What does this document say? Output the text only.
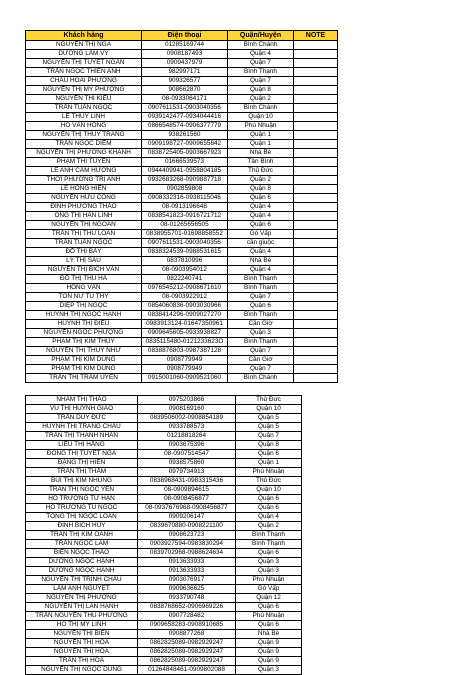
Khách hàng	Điện thoại	Quận/Huyện	NOTE
NGUYỄN THỊ NGA	01285169744	Bình Chánh	
DƯƠNG LÂM VỸ	0908187493	Quận 4	
NGUYỄN THỊ TUYẾT NGÂN	0909437979	Quận 7	
TRẦN NGỌC THIÊN ANH	982997171	Bình Thạnh	
CHÂU HOÀI PHƯƠNG	909326577	Quận 7	
NGUYỄN THỊ MỸ PHƯỢNG	908662870	Quận 8	
NGUYỄN THỊ KIỀU	08-0933064171	Quận 2	
TRẦN TUẤN NGỌC	0907611531-0903040356	Bình Chánh	
LÊ THÙY LINH	0939142477-0934044416	Quận 10	
HỒ VÂN HỒNG	0866548574-0906377779	Phú Nhuận	
NGUYỄN THỊ THÙY TRANG	938261560	Quận 1	
TRẦN NGỌC DIỄM	0909198727-0909655842	Quận 1	
NGUYỄN THỊ PHƯƠNG KHANH	0838725405-0903667923	Nhà Bè	
PHẠM THỊ TUYỀN	01666539573	Tân Bình	
LÊ ANH CẨM HƯỜNG	0944409941-0958804185	Thủ Đức	
THỚI PHƯƠNG TRỊ ANH	0932683268-0909887718	Quận 2	
LÊ HỒNG HIỀN	0902859808	Quận 8	
NGUYỄN HỮU CÔNG	0908332316-0938115046	Quận 6	
ĐINH PHƯƠNG THẢO	08-0913196648	Quận 4	
ÔNG THỊ HÂN LINH	0838541823-0916721712	Quận 4	
NGUYỄN THỊ NGOAN	08-01265656505	Quận 6	
TRẦN THỊ THU LOAN	0838955701-01698858552	Gò Vấp	
TRẦN TUẤN NGỌC	0907611531-0903040356	cần giuộc	
ĐỖ THỊ BẢY	0838324539-0988531615	Quận 4	
LÝ THỊ SÁU	0837810996	Nhà Bè	
NGUYỄN THỊ BÍCH VÂN	08-0903954012	Quận 4	
ĐỖ THỊ THU HÀ	0822240741	Bình Thạnh	
HỒNG VÂN	0976545212-0908671610	Bình Thạnh	
TÔN NỮ TÚ THY	08-0903922912	Quận 7	
DIỆP THỊ NGỌC	0854060836-0903030966	Quận 6	
HUỲNH THỊ NGỌC HẠNH	0838414296-0909027270	Bình Thạnh	
HUỲNH THỊ ĐIỀU	0983913124-01647350961	Cần Giờ	
NGUYỄN NGỌC PHƯỢNG	0909645605-0933938827	Quận 3	
PHẠM THỊ KIM THỦY	0835115480-0121233623O	Bình Thạnh	
NGUYỄN THỊ THÙY NHƯ	0838876803-0987387128	Quận 7	
PHẠM THỊ KIM DUNG	0908779949	Cần Giờ	
PHẠM THỊ KIM DUNG	0908779949	Quận 7	
TRẦN THỊ TRÂM UYÊN	0915001060-0909521060	Bình Chánh	
NHÂM THỊ THẢO	0975203866	Thủ Đức
VŨ THỊ HUỲNH GIAO	0908169160	Quận 10
TRẦN DUY ĐỨC	0839506002-0908854189	Quận 5
HUỲNH THỊ TRANG CHÂU	0933788573	Quận 5
TRẦN THỊ THANH NHÀN	01218818264	Quận 7
LIỄU THỊ HẰNG	0903675396	Quận 8
ĐỒNG THỊ TUYẾT NGA	08-0907514547	Quận 6
ĐẶNG THỊ HIỀN	0938575860	Quận 1
TRẦN THỊ THẮM	0979734913	Phú Nhuận
BÙI THỊ KIM NHUNG	0838968431-0983315436	Thủ Đức
TRẦN THỊ NGỌC YẾN	08-0909894615	Quận 10
HỒ TRƯỜNG TỪ HẠN	08-0908456877	Quận 6
HỒ TRƯƠNG TÚ NGỌC	08-0937676968-0908456877	Quận 6
TỐNG THỊ NGỌC LOAN	0909206147	Quận 4
ĐINH BÍCH HUY	0839670880-0908221100	Quận 2
TRẦN THỊ KIM OANH	0908623723	Bình Thạnh
TRẦN NGỌC LAM	0903927594-0983830294	Bình Thạnh
BIỆN NGỌC THẢO	0839702968-0988624634	Quận 6
DƯƠNG NGỌC HẠNH	0913633933	Quận 3
DƯƠNG NGỌC HẠNH	0913633933	Quận 3
NGUYỄN THỊ TRINH CHÂU	0903076917	Phú Nhuận
LÂM ANH NGUYỆT	0909636625	Gò Vấp
NGUYỄN THỊ PHƯỢNG	0933790748	Quận 12
NGUYỄN THỊ LAN HẠNH	0838768652-0906969226	Quận 6
TRẦN NGUYỄN THÙ PHƯƠNG	0907728482	Phú Nhuận
HỒ THỊ MỸ LINH	0909658283-0908910685	Quận 6
NGUYỄN THỊ BIÊN	0908877268	Nhà Bè
NGUYỄN THỊ HÒA	0862825089-0982929247	Quận 9
NGUYỄN THỊ HÒA	0862825089-0982929247	Quận 9
TRẦN THỊ HÒA	0862825089-0982929247	Quận 9
NGUYỄN THỊ NGỌC DUNG	01264848461-0909802088	Quận 3
